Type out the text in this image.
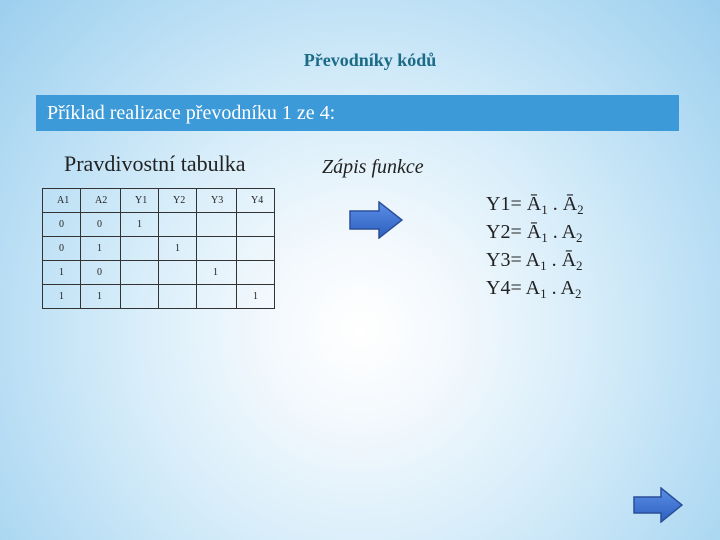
Převodníky kódů
Příklad realizace převodníku 1 ze 4:
Pravdivostní tabulka	Zápis funkce
A1	A2	Y1	Y2	Y3	Y4
0	0	1			
0	1		1		
1	0			1	
1	1				1
$Y1= Ā_1$ . $Ā_2$
$Y2= Ā_1$ . $A_2$
$Y3= A_1$ . $Ā_2$
$Y4= A_1$ . $A_2$
